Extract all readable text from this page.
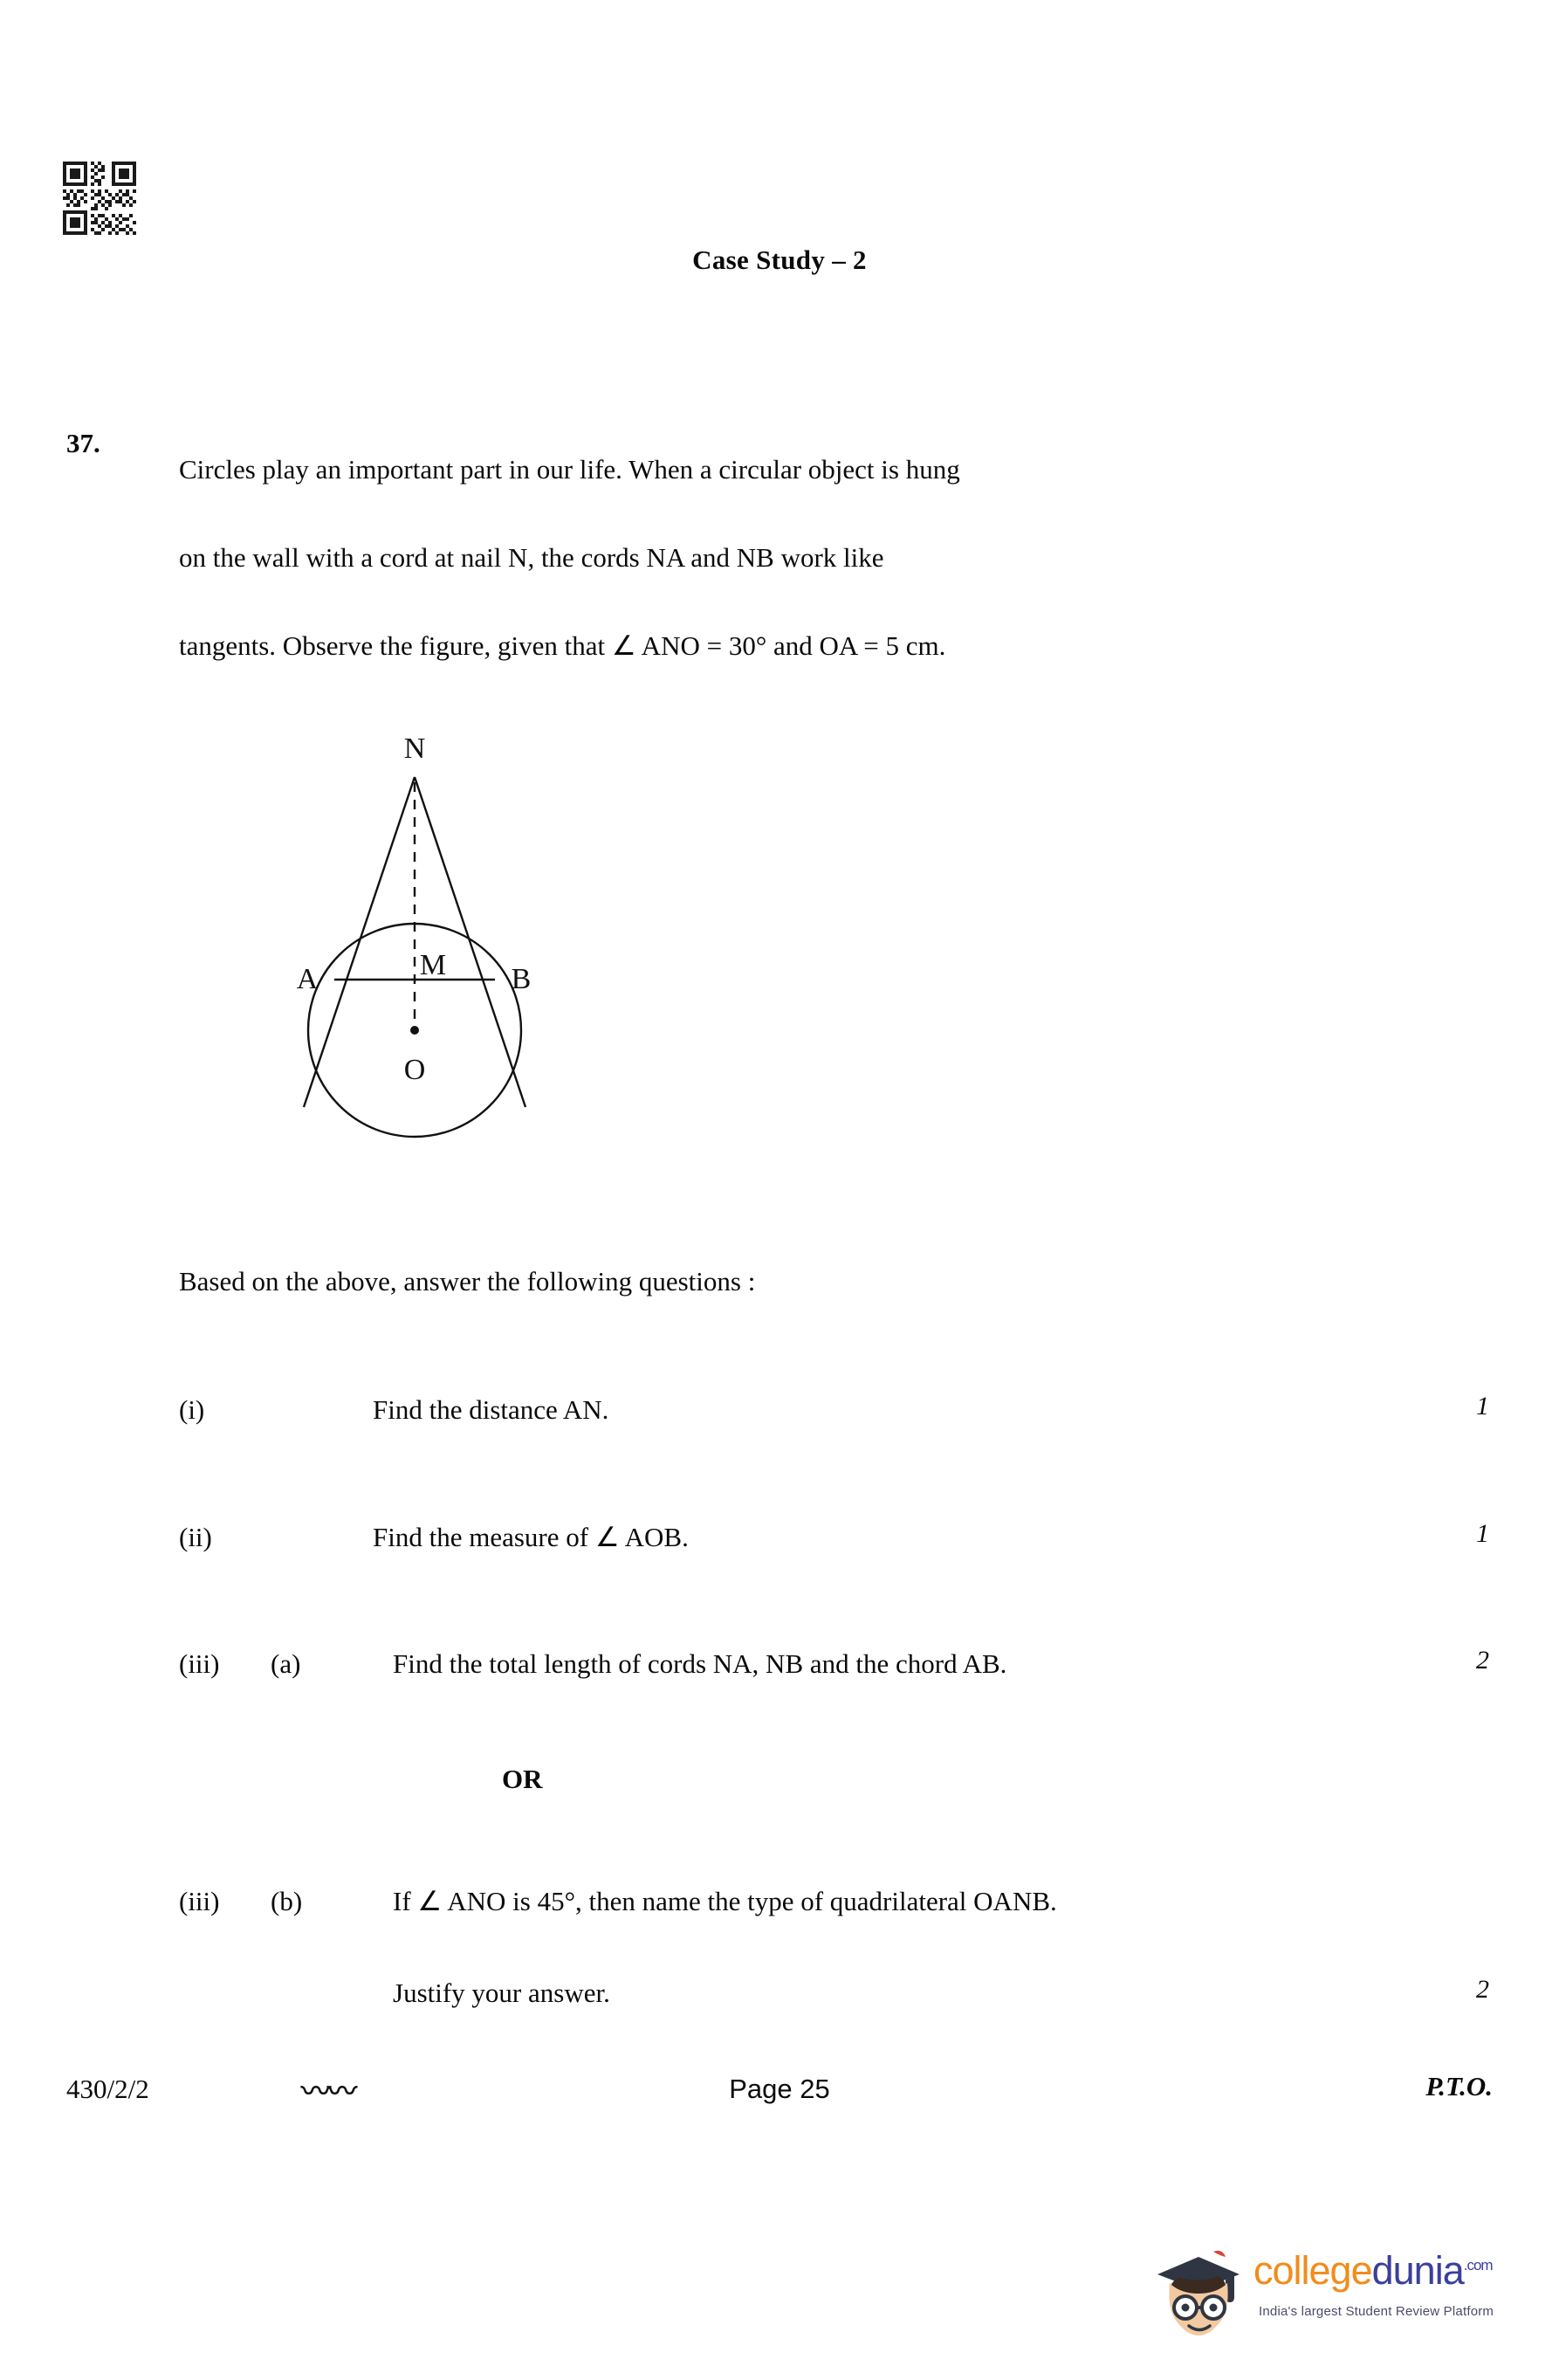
Case Study – 2
37.
Circles play an important part in our life. When a circular object is hung
on the wall with a cord at nail N, the cords NA and NB work like
tangents. Observe the figure, given that ∠ ANO = 30° and OA = 5 cm.
N
M
A	B
O
Based on the above, answer the following questions :
(i)	Find the distance AN.	1
(ii)	Find the measure of ∠ AOB.	1
(iii)	(a)	Find the total length of cords NA, NB and the chord AB.	2
OR
(iii)	(b)	If ∠ ANO is 45°, then name the type of quadrilateral OANB.
Justify your answer.	2
430/2/2	〰〰	Page 25	P.T.O.
collegedunia$^{.com}$
India's largest Student Review Platform
